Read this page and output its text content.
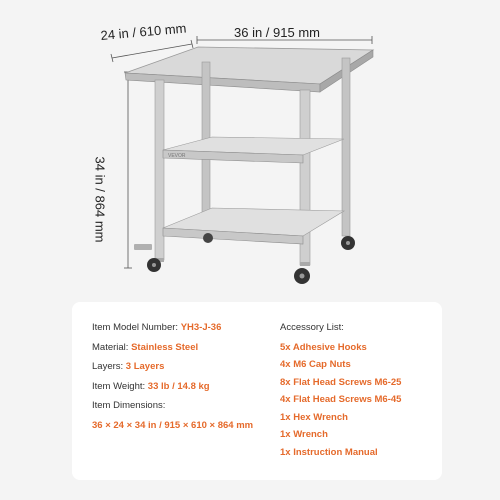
VEVOR
36 in / 915 mm
24 in / 610 mm
34 in / 864 mm
Item Model Number: YH3-J-36
Material: Stainless Steel
Layers: 3 Layers
Item Weight: 33 lb / 14.8 kg
Item Dimensions:
36 × 24 × 34 in / 915 × 610 × 864 mm
Accessory List:
5x Adhesive Hooks
4x M6 Cap Nuts
8x Flat Head Screws M6-25
4x Flat Head Screws M6-45
1x Hex Wrench
1x Wrench
1x Instruction Manual
